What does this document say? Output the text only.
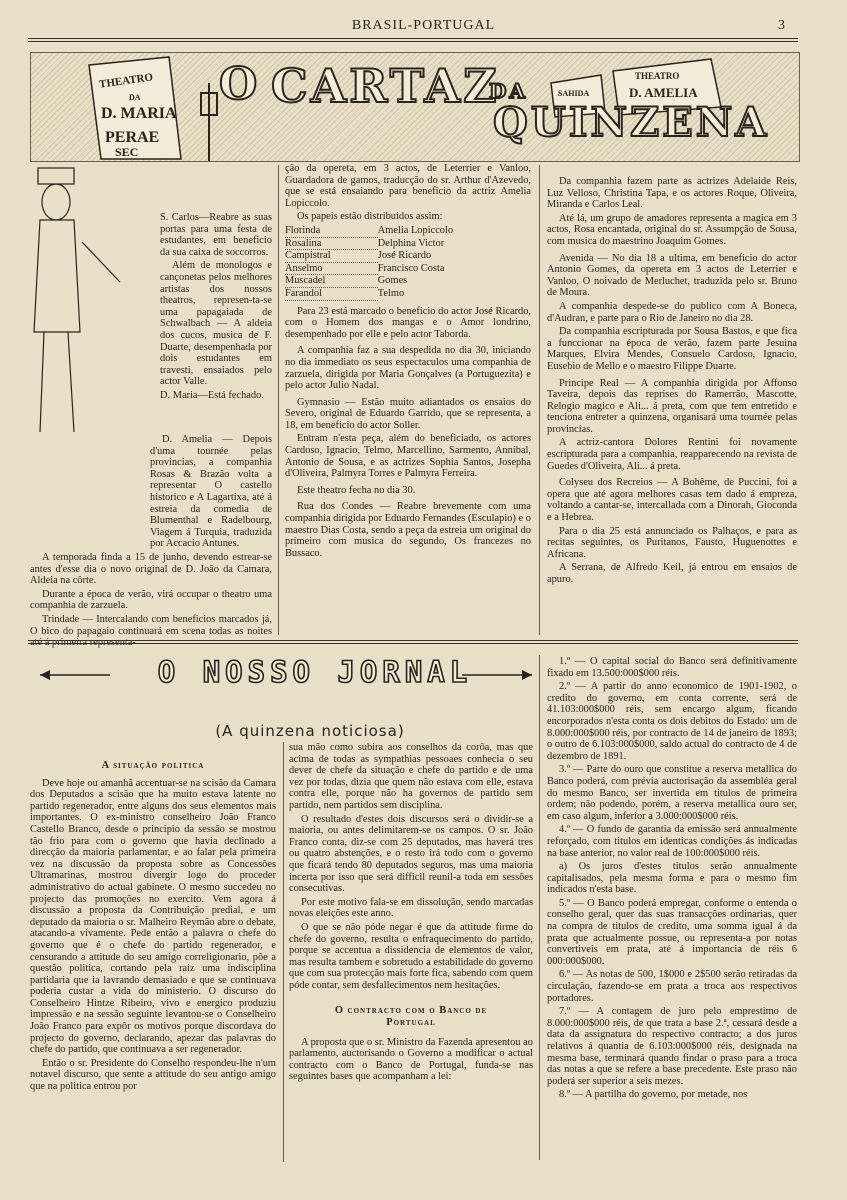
BRASIL-PORTUGAL	3
THEATRO
DA
D. MARIA
PERAE
SEC
SAHIDA
THEATRO
D. AMELIA
O CARTAZ
DA
QUINZENA

S. Carlos—Reabre as suas portas para uma festa de estudantes, em beneficio da sua caixa de soccorros.

Além de monologos e cançonetas pelos melhores artistas dos nossos theatros, represen-ta-se uma papagaiada de Schwalbach — A aldeia dos cucos, musica de F. Duarte, desempenhada por dois estudantes em travesti, ensaiados pelo actor Valle.

D. Maria—Está fechado.

D. Amelia — Depois d'uma tournée pelas provincias, a companhia Rosas & Brazão volta a representar O castello historico e A Lagartixa, até á estreia da comedia de Blumenthal e Radelbourg, Viagem á Turquia, traduzida por Accacio Antunes.

A temporada finda a 15 de junho, devendo estrear-se antes d'esse dia o novo original de D. João da Camara, Aldeia na côrte.

Durante a época de verão, virá occupar o theatro uma companhia de zarzuela.

Trindade — Intercalando com beneficios marcados já, O bico do papagaio continuará em scena todas as noites até á primeira representa-

ção da opereta, em 3 actos, de Leterrier e Vanloo, Guardadora de gamos, traducção do sr. Arthur d'Azevedo, que se está ensaiando para beneficio da actriz Amelia Lopiccolo.

Os papeis estão distribuidos assim:

Florinda	Amelia Lopiccolo
Rosalina	Delphina Victor
Campistral	José Ricardo
Anselmo	Francisco Costa
Muscadel	Gomes
Farandol	Telmo

Para 23 está marcado o beneficio do actor José Ricardo, com o Homem dos mangas e o Amor londrino, desempenhado por elle e pelo actor Taborda.

A companhia faz a sua despedida no dia 30, iniciando no dia immediato os seus espectaculos uma companhia de zarzuela, dirigida por Maria Gonçalves (a Portuguezita) e pelo actor Julio Nadal.

Gymnasio — Estão muito adiantados os ensaios do Severo, original de Eduardo Garrido, que se representa, a 18, em beneficio do actor Soller.

Entram n'esta peça, além do beneficiado, os actores Cardoso, Ignacio, Telmo, Marcellino, Sarmento, Annibal, Antonio de Sousa, e as actrizes Sophia Santos, Josepha d'Oliveira, Palmyra Torres e Palmyra Ferreira.

Este theatro fecha no dia 30.

Rua dos Condes — Reabre brevemente com uma companhia dirigida por Eduardo Fernandes (Esculapio) e o maestro Dias Costa, sendo a peça da estreia um original do primeiro com musica do segundo, Os francezes no Bussaco.

Da companhia fazem parte as actrizes Adelaide Reis, Luz Velloso, Christina Tapa, e os actores Roque, Oliveira, Miranda e Carlos Leal.

Até lá, um grupo de amadores representa a magica em 3 actos, Rosa encantada, original do sr. Assumpção de Sousa, com musica do maestrino Joaquim Gomes.

Avenida — No dia 18 a ultima, em beneficio do actor Antonio Gomes, da opereta em 3 actos de Leterrier e Vanloo, O noivado de Merluchet, traduzida pelo sr. Bruno de Moura.

A companhia despede-se do publico com A Boneca, d'Audran, e parte para o Rio de Janeiro no dia 28.

Da companhia escripturada por Sousa Bastos, e que fica a funccionar na época de verão, fazem parte Jesuina Marques, Elvira Mendes, Consuelo Cardoso, Ignacio, Eusebio de Mello e o maestro Filippe Duarte.

Principe Real — A companhia dirigida por Affonso Taveira, depois das reprises do Ramerrão, Mascotte, Relogio magico e Ali... á preta, com que tem entretido e tenciona entreter a quinzena, organisará uma tournée pelas provincias.

A actriz-cantora Dolores Rentini foi novamente escripturada para a companhia, reapparecendo na revista de Guedes d'Oliveira, Ali... á preta.

Colyseu dos Recreios — A Bohême, de Puccini, foi a opera que até agora melhores casas tem dado á empreza, voltando a cantar-se, intercallada com a Dinorah, Gioconda e a Hebrea.

Para o dia 25 está annunciado os Palhaços, e para as recitas seguintes, os Puritanos, Fausto, Huguenottes e Africana.

A Serrana, de Alfredo Keil, já entrou em ensaios de apuro.

O NOSSO JORNAL
(A quinzena noticiosa)

A situação politica

Deve hoje ou amanhã accentuar-se na scisão da Camara dos Deputados a scisão que ha muito estava latente no partido regenerador, entre alguns dos seus elementos mais importantes. O ex-ministro conselheiro João Franco Castello Branco, desde o principio da sessão se mostrou tão frio para com o governo que havia declinado a direcção da maioria parlamentar, e ao falar pela primeira vez na discussão da proposta sobre as Concessões Ultramarinas, mostrou divergir logo do proceder administrativo do actual gabinete. O mesmo succedeu no projecto das promoções no exercito. Vem agora á discussão a proposta da Contribuição predial, e um deputado da maioria o sr. Malheiro Reymão abre o debate, atacando-a vivamente. Pede então a palavra o chefe do governo que é o chefe do partido regenerador, e censurando a attitude do seu amigo correligionario, põe a questão politica, cortando pela raiz uma indisciplina partidaria que ia lavrando demasiado e que se continuava poderia custar a vida do ministerio. O discurso do Conselheiro Hintze Ribeiro, vivo e energico produziu impressão e na sessão seguinte levantou-se o Conselheiro João Franco para expôr os motivos porque discordava do projecto do governo, declarando, apezar das palavras do chefe do partido, que continuava a ser regenerador.

Então o sr. Presidente do Conselho respondeu-lhe n'um notavel discurso, que sente a attitude do seu antigo amigo que na politica entrou por

sua mão como subira aos conselhos da corôa, mas que acima de todas as sympathias pessoaes conhecia o seu dever de chefe da situação e chefe do partido e de uma vez por todas, dizia que quem não estava com elle, estava contra elle, porque não ha governos de partido sem partido, nem partidos sem disciplina.

O resultado d'estes dois discursos será o dividir-se a maioria, ou antes delimitarem-se os campos. O sr. João Franco conta, diz-se com 25 deputados, mas haverá tres ou quatro abstenções, e o resto irá todo com o governo que ficará tendo 80 deputados seguros, mas uma maioria incerta por isso que será difficil reunil-a toda em sessões consecutivas.

Por este motivo fala-se em dissolução, sendo marcadas novas eleições este anno.

O que se não póde negar é que da attitude firme do chefe do governo, resulta o enfraquecimento do partido, porque se accentua a dissidencia de elementos de valor, mas resulta tambem e sobretudo a estabilidade do governo que com sua protecção mais forte fica, sabendo com quem póde contar, sem desfallecimentos nem hesitações.

O contracto com o Banco de Portugal

A proposta que o sr. Ministro da Fazenda apresentou ao parlamento, auctorisando o Governo a modificar o actual contracto com o Banco de Portugal, funda-se nas seguintes bases que acompanham a lei:

1.º — O capital social do Banco será definitivamente fixado em 13.500:000$000 réis.

2.º — A partir do anno economico de 1901-1902, o credito do governo, em conta corrente, será de 41.103:000$000 réis, sem encargo algum, ficando encorporados n'esta conta os dois debitos do Estado: um de 8.000:000$000 réis, por contracto de 14 de janeiro de 1893; o outro de 6.103:000$000, saldo actual do contracto de 4 de dezembro de 1891.

3.º — Parte do ouro que constitue a reserva metallica do Banco poderá, com prévia auctorisação da assembléa geral do mesmo Banco, ser invertida em titulos de primeira ordem; não podendo, porém, a reserva metallica ouro ser, em caso algum, inferior a 3.000:000$000 réis.

4.º — O fundo de garantia da emissão será annualmente reforçado, com titulos em identicas condições ás indicadas na base anterior, no valor real de 100:000$000 réis.

a) Os juros d'estes titulos serão annualmente capitalisados, pela mesma forma e para o mesmo fim indicados n'esta base.

5.º — O Banco poderá empregar, conforme o entenda o conselho geral, quer das suas transacções ordinarias, quer na compra de titulos de credito, uma somma igual á da prata que actualmente possue, ou representa-a por notas convertiveis em prata, até á importancia de réis 6 000:000$000.

6.º — As notas de 500, 1$000 e 2$500 serão retiradas da circulação, fazendo-se em prata a troca aos respectivos portadores.

7.º — A contagem de juro pelo emprestimo de 8.000:000$000 réis, de que trata a base 2.ª, cessará desde a data da assignatura do respectivo contracto; a dos juros relativos á quantia de 6.103:000$000 réis, designada na mesma base, terminará quando findar o praso para a troca das notas a que se refere a base precedente. Este praso não poderá ser superior a seis mezes.

8.º — A partilha do governo, por metade, nos
